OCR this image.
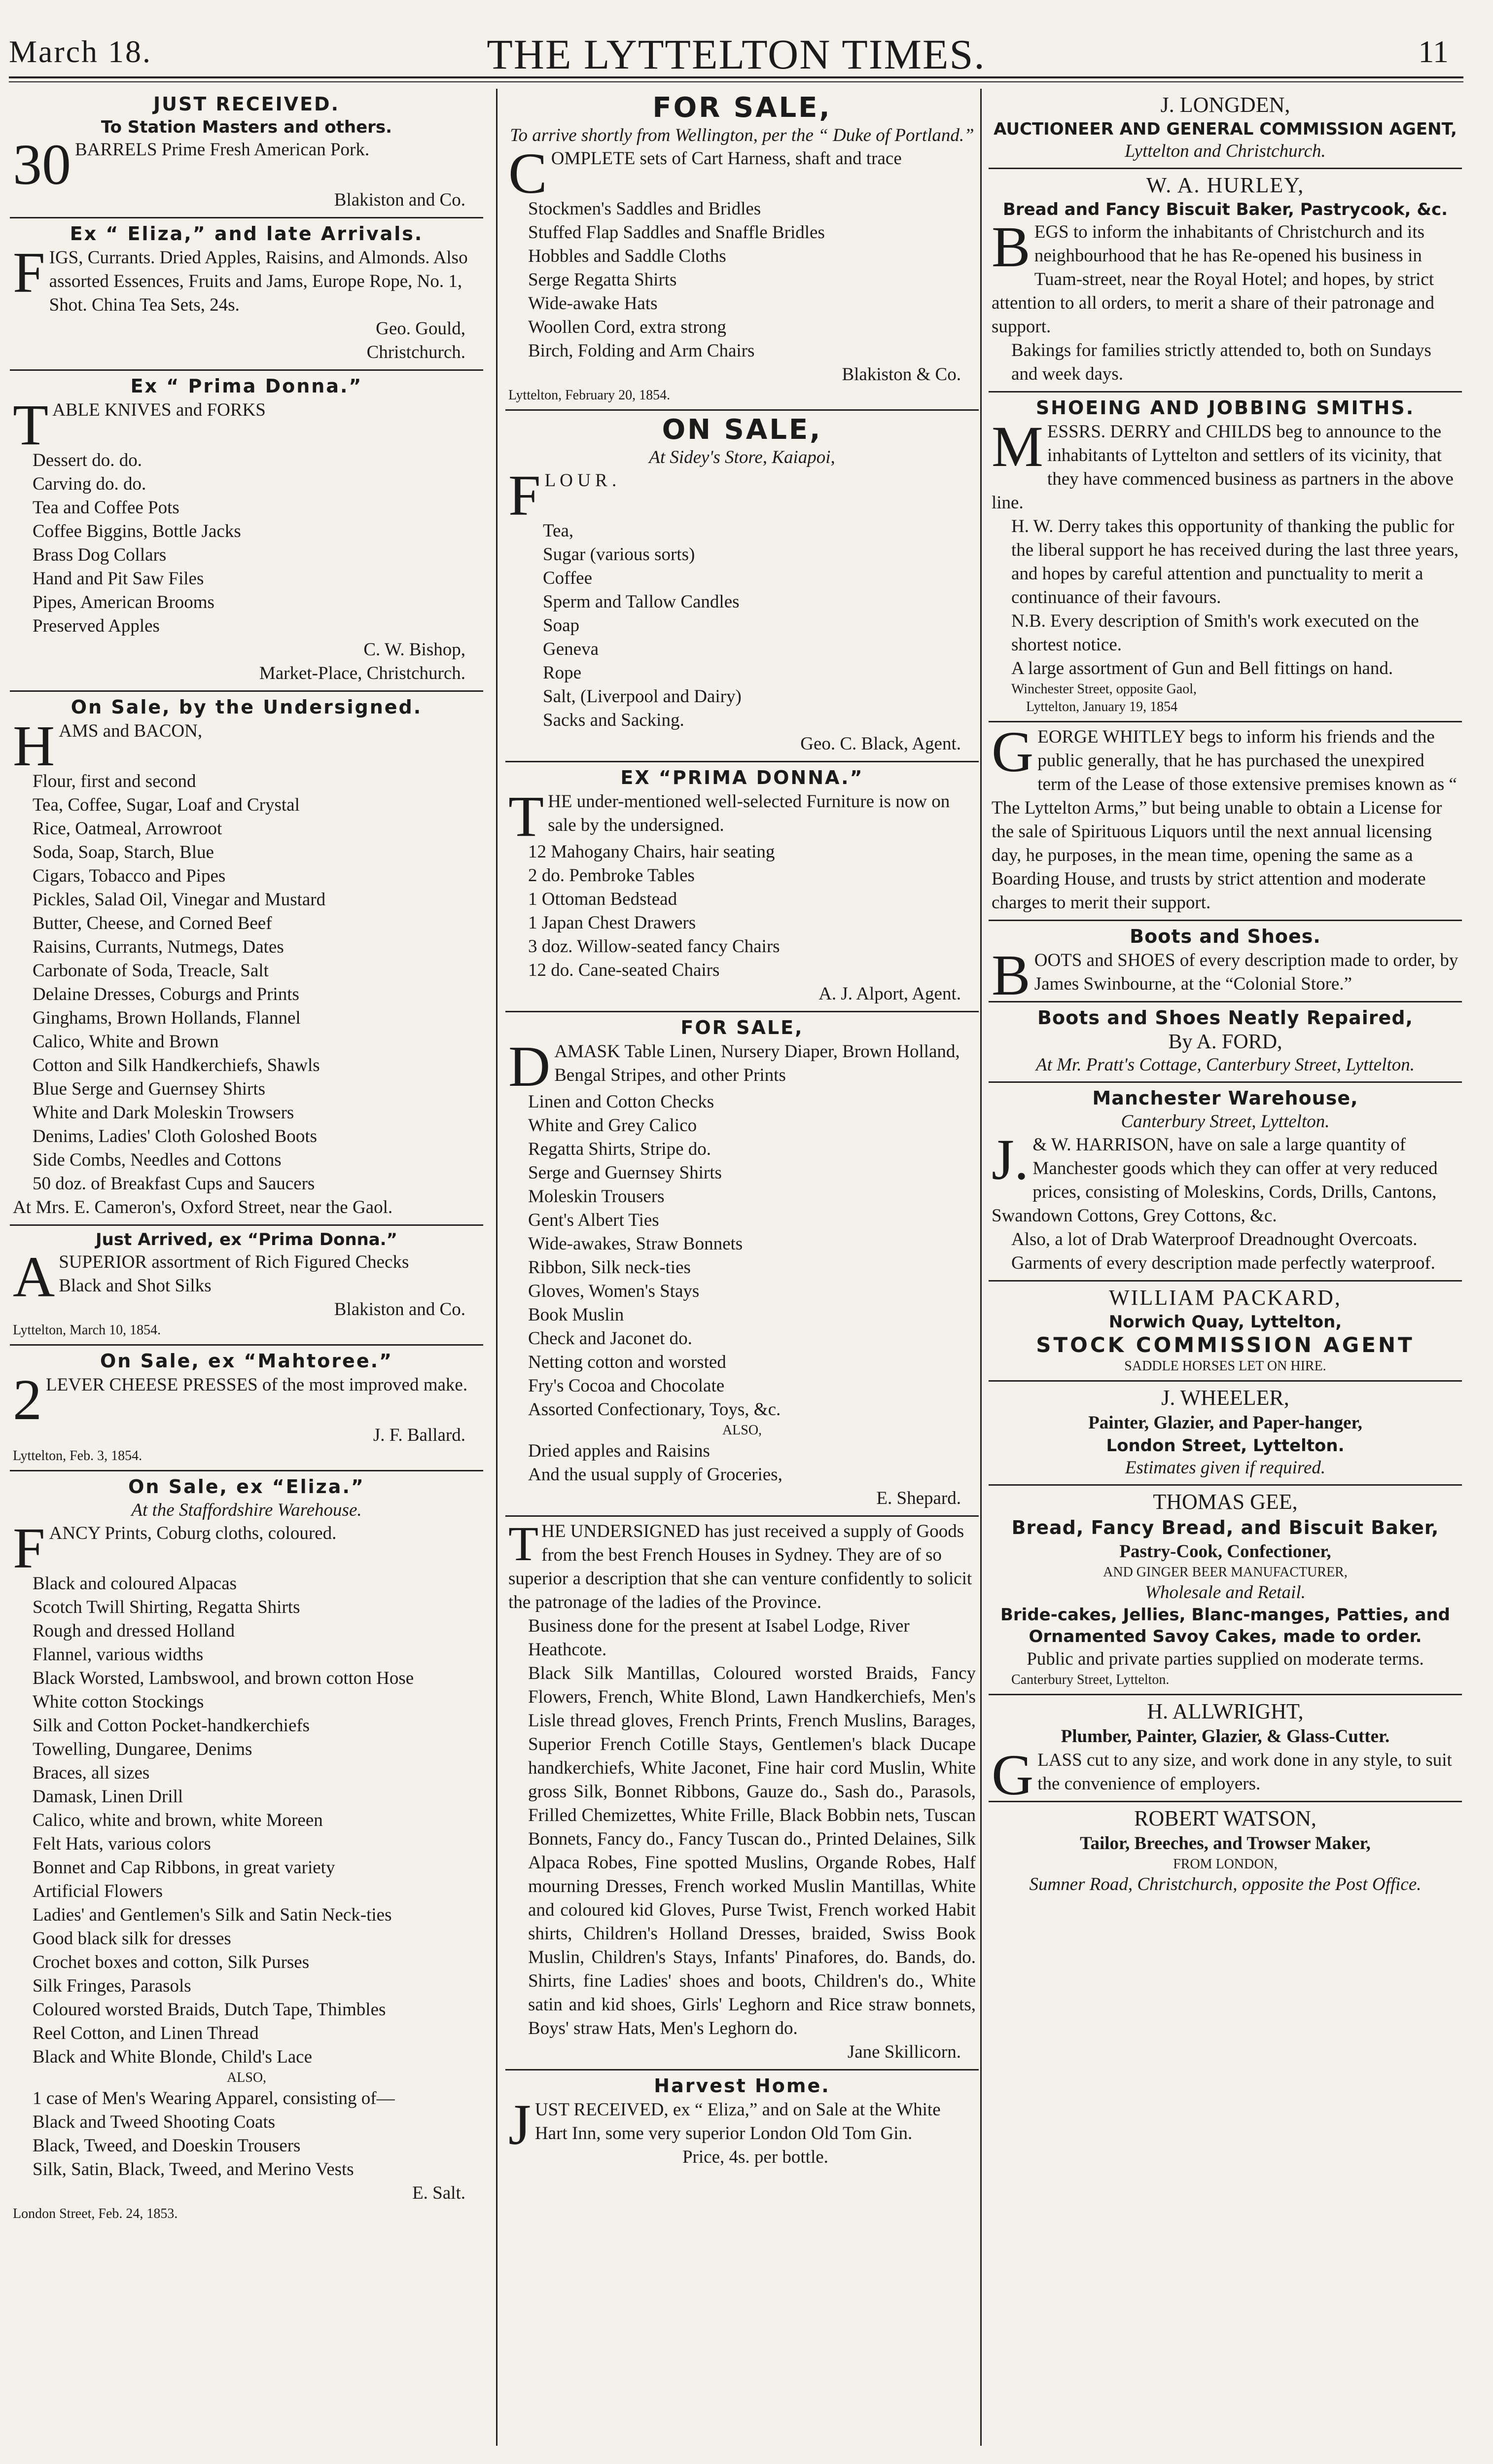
March 18.	THE LYTTELTON TIMES.	11
JUST RECEIVED.
To Station Masters and others.

30 BARRELS Prime Fresh American Pork.

Blakiston and Co.
Ex “ Eliza,” and late Arrivals.

FIGS, Currants. Dried Apples, Raisins, and Almonds. Also assorted Essences, Fruits and Jams, Europe Rope, No. 1, Shot. China Tea Sets, 24s.

Geo. Gould,
Christchurch.
Ex “ Prima Donna.”

TABLE KNIVES and FORKS

Dessert do. do.

Carving do. do.

Tea and Coffee Pots

Coffee Biggins, Bottle Jacks

Brass Dog Collars

Hand and Pit Saw Files

Pipes, American Brooms

Preserved Apples

C. W. Bishop,
Market-Place, Christchurch.
On Sale, by the Undersigned.

HAMS and BACON,

Flour, first and second

Tea, Coffee, Sugar, Loaf and Crystal

Rice, Oatmeal, Arrowroot

Soda, Soap, Starch, Blue

Cigars, Tobacco and Pipes

Pickles, Salad Oil, Vinegar and Mustard

Butter, Cheese, and Corned Beef

Raisins, Currants, Nutmegs, Dates

Carbonate of Soda, Treacle, Salt

Delaine Dresses, Coburgs and Prints

Ginghams, Brown Hollands, Flannel

Calico, White and Brown

Cotton and Silk Handkerchiefs, Shawls

Blue Serge and Guernsey Shirts

White and Dark Moleskin Trowsers

Denims, Ladies' Cloth Goloshed Boots

Side Combs, Needles and Cottons

50 doz. of Breakfast Cups and Saucers

At Mrs. E. Cameron's, Oxford Street, near the Gaol.

Just Arrived, ex “Prima Donna.”

ASUPERIOR assortment of Rich Figured Checks

Black and Shot Silks

Blakiston and Co.
Lyttelton, March 10, 1854.
On Sale, ex “Mahtoree.”

2 LEVER CHEESE PRESSES of the most improved make.

J. F. Ballard.
Lyttelton, Feb. 3, 1854.
On Sale, ex “Eliza.”
At the Staffordshire Warehouse.

FANCY Prints, Coburg cloths, coloured.

Black and coloured Alpacas

Scotch Twill Shirting, Regatta Shirts

Rough and dressed Holland

Flannel, various widths

Black Worsted, Lambswool, and brown cotton Hose

White cotton Stockings

Silk and Cotton Pocket-handkerchiefs

Towelling, Dungaree, Denims

Braces, all sizes

Damask, Linen Drill

Calico, white and brown, white Moreen

Felt Hats, various colors

Bonnet and Cap Ribbons, in great variety

Artificial Flowers

Ladies' and Gentlemen's Silk and Satin Neck-ties

Good black silk for dresses

Crochet boxes and cotton, Silk Purses

Silk Fringes, Parasols

Coloured worsted Braids, Dutch Tape, Thimbles

Reel Cotton, and Linen Thread

Black and White Blonde, Child's Lace

ALSO,

1 case of Men's Wearing Apparel, consisting of—

Black and Tweed Shooting Coats

Black, Tweed, and Doeskin Trousers

Silk, Satin, Black, Tweed, and Merino Vests

E. Salt.
London Street, Feb. 24, 1853.
FOR SALE,
To arrive shortly from Wellington, per the “ Duke of Portland.”

COMPLETE sets of Cart Harness, shaft and trace

Stockmen's Saddles and Bridles

Stuffed Flap Saddles and Snaffle Bridles

Hobbles and Saddle Cloths

Serge Regatta Shirts

Wide-awake Hats

Woollen Cord, extra strong

Birch, Folding and Arm Chairs

Blakiston & Co.
Lyttelton, February 20, 1854.
ON SALE,
At Sidey's Store, Kaiapoi,

F L O U R .

Tea,

Sugar (various sorts)

Coffee

Sperm and Tallow Candles

Soap

Geneva

Rope

Salt, (Liverpool and Dairy)

Sacks and Sacking.

Geo. C. Black, Agent.
EX “PRIMA DONNA.”

THE under-mentioned well-selected Furniture is now on sale by the undersigned.

12 Mahogany Chairs, hair seating

2 do. Pembroke Tables

1 Ottoman Bedstead

1 Japan Chest Drawers

3 doz. Willow-seated fancy Chairs

12 do. Cane-seated Chairs

A. J. Alport, Agent.
FOR SALE,

DAMASK Table Linen, Nursery Diaper, Brown Holland, Bengal Stripes, and other Prints

Linen and Cotton Checks

White and Grey Calico

Regatta Shirts, Stripe do.

Serge and Guernsey Shirts

Moleskin Trousers

Gent's Albert Ties

Wide-awakes, Straw Bonnets

Ribbon, Silk neck-ties

Gloves, Women's Stays

Book Muslin

Check and Jaconet do.

Netting cotton and worsted

Fry's Cocoa and Chocolate

Assorted Confectionary, Toys, &c.

ALSO,

Dried apples and Raisins

And the usual supply of Groceries,

E. Shepard.

THE UNDERSIGNED has just received a supply of Goods from the best French Houses in Sydney. They are of so superior a description that she can venture confidently to solicit the patronage of the ladies of the Province.

Business done for the present at Isabel Lodge, River Heathcote.

Black Silk Mantillas, Coloured worsted Braids, Fancy Flowers, French, White Blond, Lawn Handkerchiefs, Men's Lisle thread gloves, French Prints, French Muslins, Barages, Superior French Cotille Stays, Gentlemen's black Ducape handkerchiefs, White Jaconet, Fine hair cord Muslin, White gross Silk, Bonnet Ribbons, Gauze do., Sash do., Parasols, Frilled Chemizettes, White Frille, Black Bobbin nets, Tuscan Bonnets, Fancy do., Fancy Tuscan do., Printed Delaines, Silk Alpaca Robes, Fine spotted Muslins, Organde Robes, Half mourning Dresses, French worked Muslin Mantillas, White and coloured kid Gloves, Purse Twist, French worked Habit shirts, Children's Holland Dresses, braided, Swiss Book Muslin, Children's Stays, Infants' Pinafores, do. Bands, do. Shirts, fine Ladies' shoes and boots, Children's do., White satin and kid shoes, Girls' Leghorn and Rice straw bonnets, Boys' straw Hats, Men's Leghorn do.

Jane Skillicorn.
Harvest Home.

JUST RECEIVED, ex “ Eliza,” and on Sale at the White Hart Inn, some very superior London Old Tom Gin.

Price, 4s. per bottle.
J. LONGDEN,
AUCTIONEER AND GENERAL COMMISSION AGENT,
Lyttelton and Christchurch.
W. A. HURLEY,
Bread and Fancy Biscuit Baker, Pastrycook, &c.

BEGS to inform the inhabitants of Christchurch and its neighbourhood that he has Re-opened his business in Tuam-street, near the Royal Hotel; and hopes, by strict attention to all orders, to merit a share of their patronage and support.

Bakings for families strictly attended to, both on Sundays and week days.

SHOEING AND JOBBING SMITHS.

MESSRS. DERRY and CHILDS beg to announce to the inhabitants of Lyttelton and settlers of its vicinity, that they have commenced business as partners in the above line.

H. W. Derry takes this opportunity of thanking the public for the liberal support he has received during the last three years, and hopes by careful attention and punctuality to merit a continuance of their favours.

N.B. Every description of Smith's work executed on the shortest notice.

A large assortment of Gun and Bell fittings on hand.

Winchester Street, opposite Gaol,
Lyttelton, January 19, 1854

GEORGE WHITLEY begs to inform his friends and the public generally, that he has purchased the unexpired term of the Lease of those extensive premises known as “ The Lyttelton Arms,” but being unable to obtain a License for the sale of Spirituous Liquors until the next annual licensing day, he purposes, in the mean time, opening the same as a Boarding House, and trusts by strict attention and moderate charges to merit their support.

Boots and Shoes.

BOOTS and SHOES of every description made to order, by James Swinbourne, at the “Colonial Store.”

Boots and Shoes Neatly Repaired,
By A. FORD,
At Mr. Pratt's Cottage, Canterbury Street, Lyttelton.
Manchester Warehouse,
Canterbury Street, Lyttelton.

J. & W. HARRISON, have on sale a large quantity of Manchester goods which they can offer at very reduced prices, consisting of Moleskins, Cords, Drills, Cantons, Swandown Cottons, Grey Cottons, &c.

Also, a lot of Drab Waterproof Dreadnought Overcoats. Garments of every description made perfectly waterproof.

WILLIAM PACKARD,
Norwich Quay, Lyttelton,
STOCK COMMISSION AGENT
SADDLE HORSES LET ON HIRE.
J. WHEELER,
Painter, Glazier, and Paper-hanger,
London Street, Lyttelton.
Estimates given if required.
THOMAS GEE,
Bread, Fancy Bread, and Biscuit Baker,
Pastry-Cook, Confectioner,
AND GINGER BEER MANUFACTURER,
Wholesale and Retail.
Bride-cakes, Jellies, Blanc-manges, Patties, and Ornamented Savoy Cakes, made to order.
Public and private parties supplied on moderate terms.
Canterbury Street, Lyttelton.
H. ALLWRIGHT,
Plumber, Painter, Glazier, & Glass-Cutter.

GLASS cut to any size, and work done in any style, to suit the convenience of employers.

ROBERT WATSON,
Tailor, Breeches, and Trowser Maker,
FROM LONDON,
Sumner Road, Christchurch, opposite the Post Office.
